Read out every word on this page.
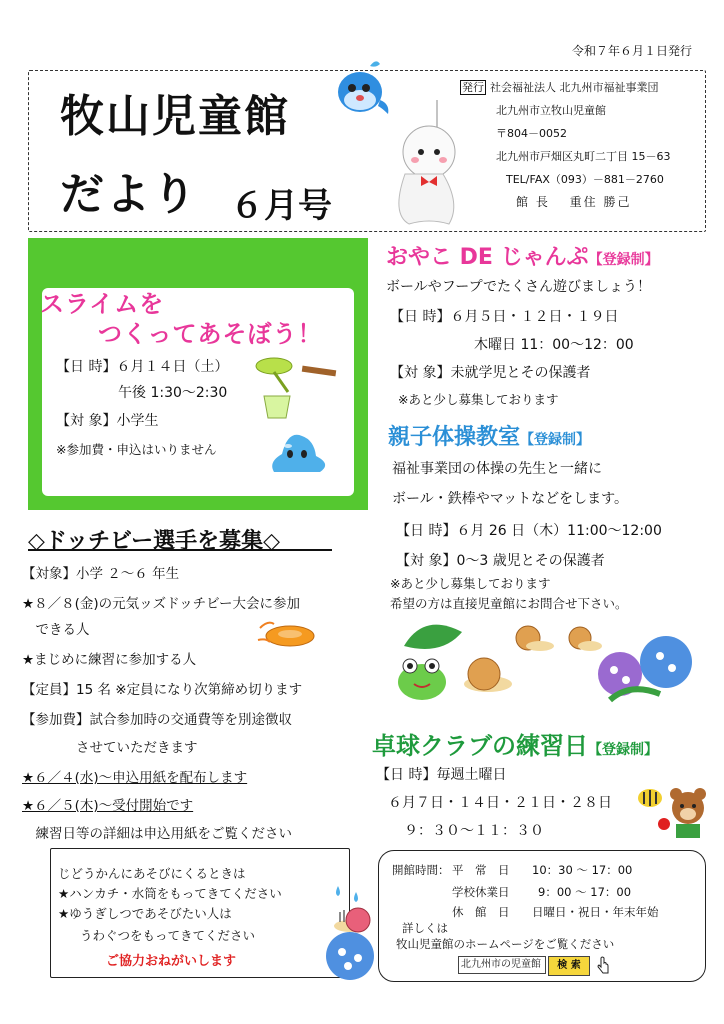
令和７年６月１日発行
牧山児童館
だより ６月号
発行 社会福祉法人 北九州市福祉事業団
北九州市立牧山児童館
〒804－0052
北九州市戸畑区丸町二丁目 15－63
TEL/FAX（093）－881－2760
館 長　 重住 勝己
スライムを
つくってあそぼう！
【日 時】６月１４日（土）
午後 1:30～2:30
【対 象】小学生
※参加費・申込はいりません
おやこ DE じゃんぷ【登録制】
ボールやフープでたくさん遊びましょう！
【日 時】６月５日・１２日・１９日
木曜日 11：00～12：00
【対 象】未就学児とその保護者
※あと少し募集しております
親子体操教室【登録制】
福祉事業団の体操の先生と一緒に
ボール・鉄棒やマットなどをします。
【日 時】６月 26 日（木）11:00～12:00
【対 象】0～3 歳児とその保護者
※あと少し募集しております
希望の方は直接児童館にお問合せ下さい。
卓球クラブの練習日【登録制】
【日 時】毎週土曜日
６月７日・１４日・２１日・２８日
９：３０～１１：３０
◇ドッチビー選手を募集◇
【対象】小学 ２～６ 年生
★８／８(金)の元気ッズドッチビー大会に参加
　できる人
★まじめに練習に参加する人
【定員】15 名 ※定員になり次第締め切ります
【参加費】試合参加時の交通費等を別途徴収
　　　　させていただきます
★６／４(水)～申込用紙を配布します
★６／５(木)～受付開始です
　練習日等の詳細は申込用紙をご覧ください
じどうかんにあそびにくるときは
★ハンカチ・水筒をもってきてください
★ゆうぎしつであそびたい人は
うわぐつをもってきてください
ご協力おねがいします
開館時間： 平　常　日 10：30 ～ 17：00
学校休業日 9：00 ～ 17：00
休　館　日 日曜日・祝日・年末年始
詳しくは
牧山児童館のホームページをご覧ください
北九州市の児童館	検 索
